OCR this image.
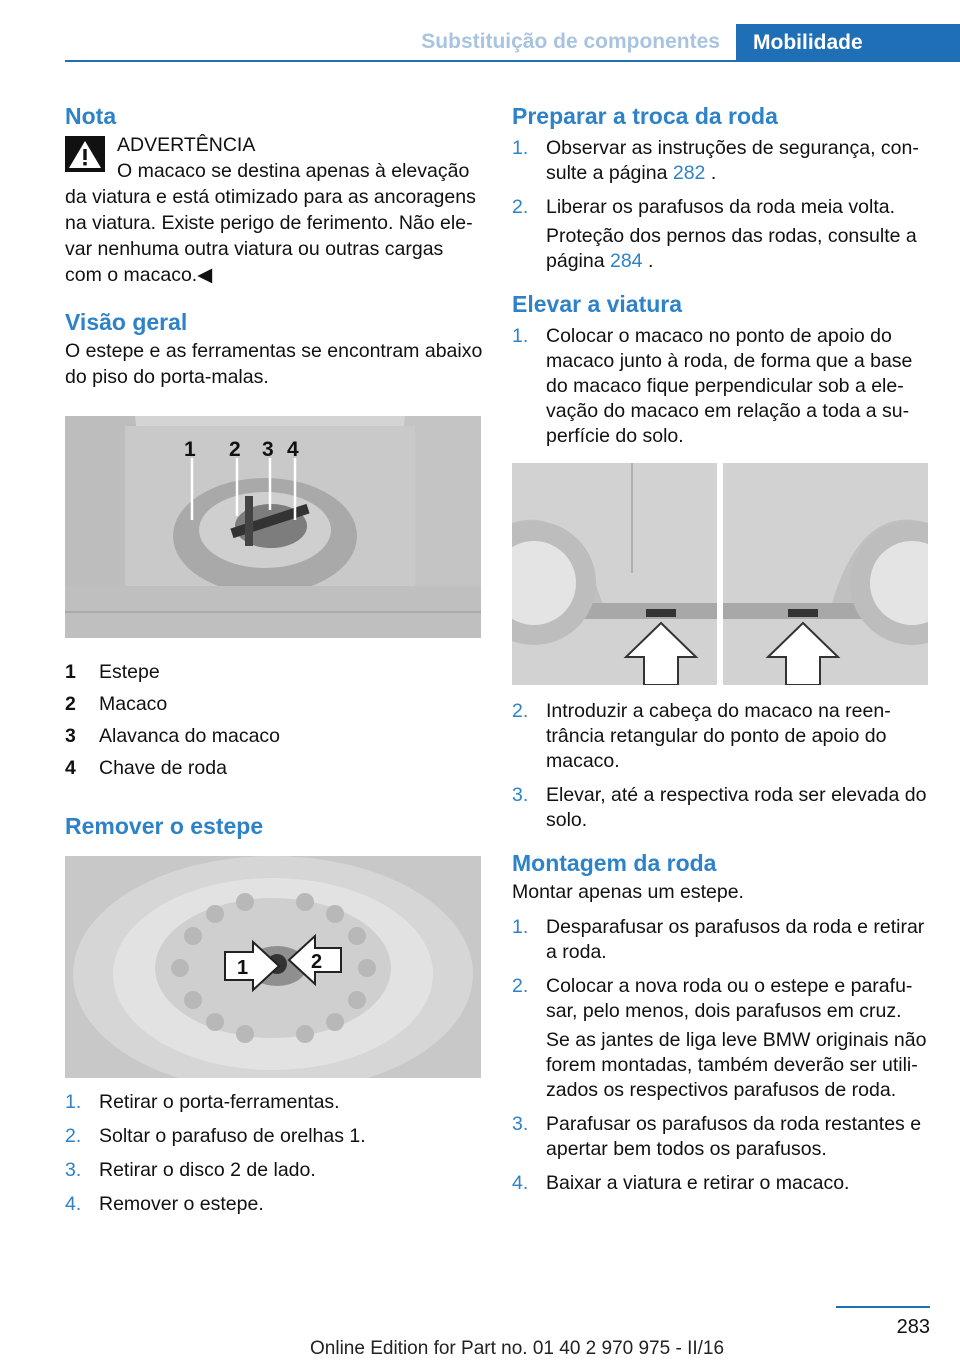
Substituição de componentes	Mobilidade
Nota

ADVERTÊNCIA

O macaco se destina apenas à elevação

da viatura e está otimizado para as ancoragens na viatura. Existe perigo de ferimento. Não elevar nenhuma outra viatura ou outras cargas com o macaco.◀

Visão geral

O estepe e as ferramentas se encontram abaixo do piso do porta-malas.

1 2 3 4
1	Estepe
2	Macaco
3	Alavanca do macaco
4	Chave de roda
Remover o estepe
1	2
1. Retirar o porta-ferramentas.
2. Soltar o parafuso de orelhas 1.
3. Retirar o disco 2 de lado.
4. Remover o estepe.
Preparar a troca da roda
1. Observar as instruções de segurança, consulte a página 282 .
2. Liberar os parafusos da roda meia volta.
Proteção dos pernos das rodas, consulte a página 284 .
Elevar a viatura
1. Colocar o macaco no ponto de apoio do macaco junto à roda, de forma que a base do macaco fique perpendicular sob a elevação do macaco em relação a toda a superfície do solo.
2. Introduzir a cabeça do macaco na reentrância retangular do ponto de apoio do macaco.
3. Elevar, até a respectiva roda ser elevada do solo.
Montagem da roda

Montar apenas um estepe.

1. Desparafusar os parafusos da roda e retirar a roda.
2. Colocar a nova roda ou o estepe e parafusar, pelo menos, dois parafusos em cruz.
Se as jantes de liga leve BMW originais não forem montadas, também deverão ser utilizados os respectivos parafusos de roda.
3. Parafusar os parafusos da roda restantes e apertar bem todos os parafusos.
4. Baixar a viatura e retirar o macaco.
283
Online Edition for Part no. 01 40 2 970 975 - II/16
